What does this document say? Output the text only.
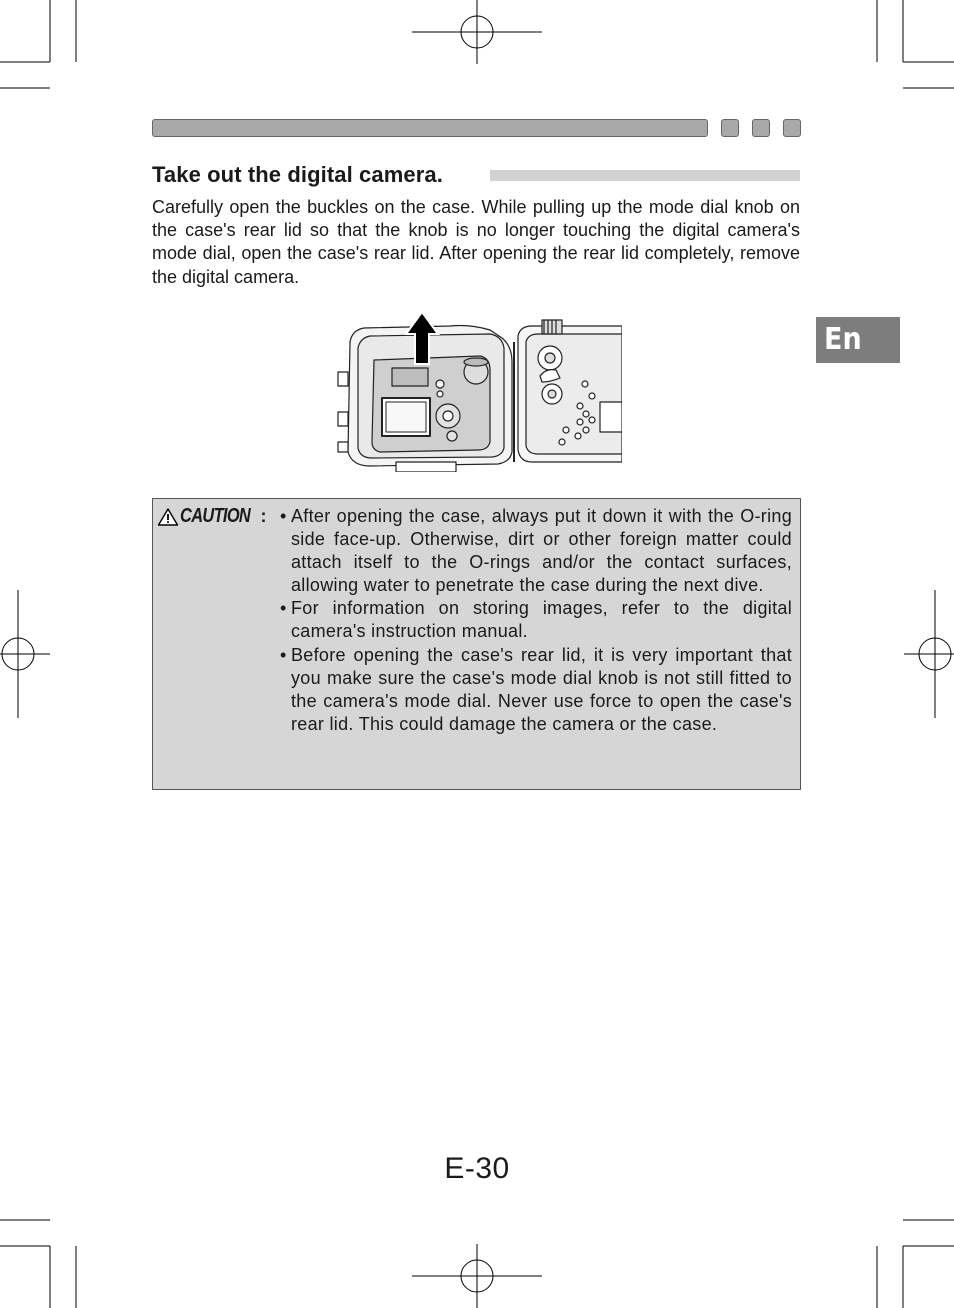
Take out the digital camera.

Carefully open the buckles on the case. While pulling up the mode dial knob on the case's rear lid so that the knob is no longer touching the digital camera's mode dial, open the case's rear lid. After opening the rear lid completely, remove the digital camera.

En
CAUTION : • After opening the case, always put it down it with the O-ring side face-up. Otherwise, dirt or other foreign matter could attach itself to the O-rings and/or the contact surfaces, allowing water to penetrate the case during the next dive.
• For information on storing images, refer to the digital camera's instruction manual.
• Before opening the case's rear lid, it is very important that you make sure the case's mode dial knob is not still fitted to the camera's mode dial. Never use force to open the case's rear lid. This could damage the camera or the case.
E-30
